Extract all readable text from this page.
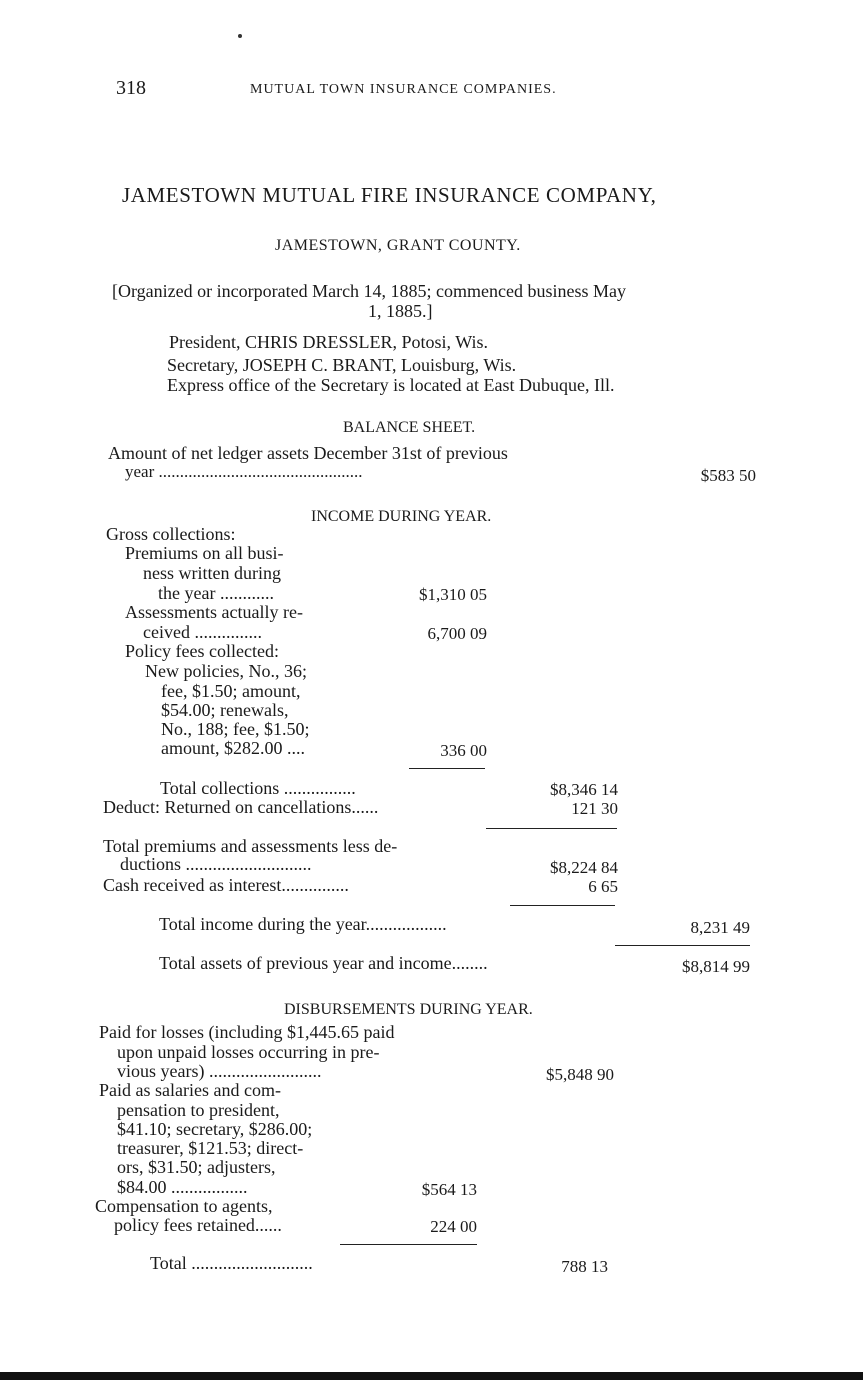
318	MUTUAL TOWN INSURANCE COMPANIES.
JAMESTOWN MUTUAL FIRE INSURANCE COMPANY,
JAMESTOWN, GRANT COUNTY.
[Organized or incorporated March 14, 1885; commenced business May
1, 1885.]
President, CHRIS DRESSLER, Potosi, Wis.
Secretary, JOSEPH C. BRANT, Louisburg, Wis.
Express office of the Secretary is located at East Dubuque, Ill.
BALANCE SHEET.
Amount of net ledger assets December 31st of previous
year ................................................	$583 50
INCOME DURING YEAR.
Gross collections:
Premiums on all busi-
ness written during
the year ............	$1,310 05
Assessments actually re-
ceived ...............	6,700 09
Policy fees collected:
New policies, No., 36;
fee, $1.50; amount,
$54.00; renewals,
No., 188; fee, $1.50;
amount, $282.00 ....	336 00
Total collections ................	$8,346 14
Deduct: Returned on cancellations......	121 30
Total premiums and assessments less de-
ductions ............................	$8,224 84
Cash received as interest...............	6 65
Total income during the year..................	8,231 49
Total assets of previous year and income........	$8,814 99
DISBURSEMENTS DURING YEAR.
Paid for losses (including $1,445.65 paid
upon unpaid losses occurring in pre-
vious years) .........................	$5,848 90
Paid as salaries and com-
pensation to president,
$41.10; secretary, $286.00;
treasurer, $121.53; direct-
ors, $31.50; adjusters,
$84.00 .................	$564 13
Compensation to agents,
policy fees retained......	224 00
Total ...........................	788 13
